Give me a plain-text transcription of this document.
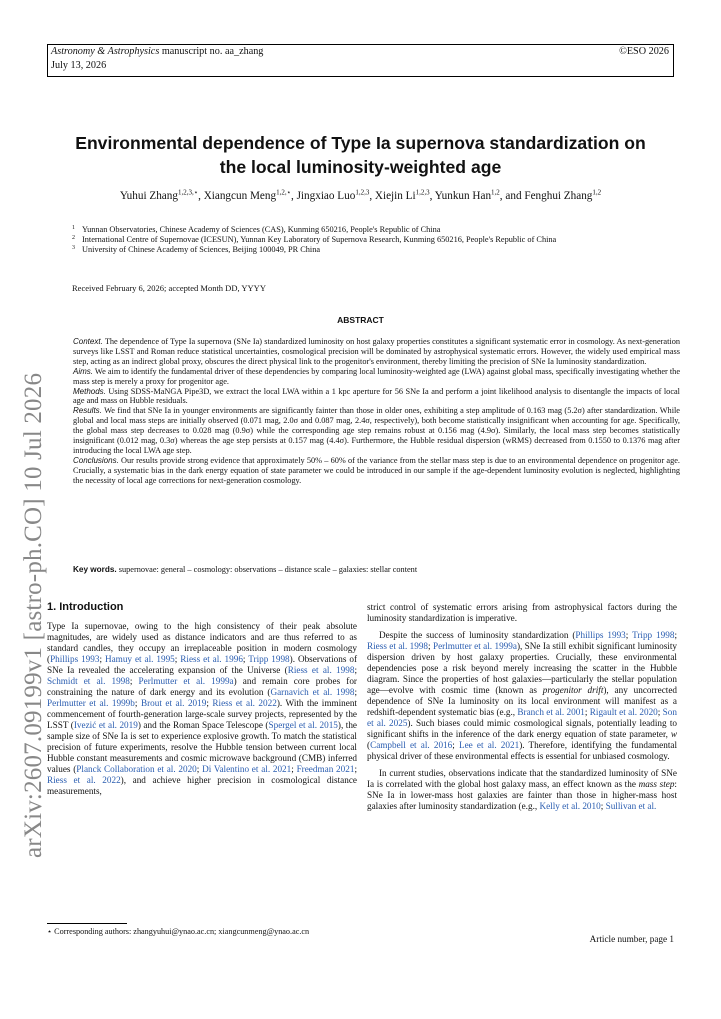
Astronomy & Astrophysics manuscript no. aa_zhang
July 13, 2026
©ESO 2026
Environmental dependence of Type Ia supernova standardization on
the local luminosity-weighted age
Yuhui Zhang$^{1,2,3,⋆}$, Xiangcun Meng$^{1,2,⋆}$, Jingxiao Luo$^{1,2,3}$, Xiejin Li$^{1,2,3}$, Yunkun Han$^{1,2}$, and Fenghui Zhang$^{1,2}$
1 Yunnan Observatories, Chinese Academy of Sciences (CAS), Kunming 650216, People's Republic of China
2 International Centre of Supernovae (ICESUN), Yunnan Key Laboratory of Supernova Research, Kunming 650216, People's Republic of China
3 University of Chinese Academy of Sciences, Beijing 100049, PR China
Received February 6, 2026; accepted Month DD, YYYY
ABSTRACT

Context. The dependence of Type Ia supernova (SNe Ia) standardized luminosity on host galaxy properties constitutes a significant systematic error in cosmology. As next-generation surveys like LSST and Roman reduce statistical uncertainties, cosmological precision will be dominated by astrophysical systematic errors. However, the widely used empirical mass step, acting as an indirect global proxy, obscures the direct physical link to the progenitor's environment, thereby limiting the precision of SNe Ia luminosity standardization.

Aims. We aim to identify the fundamental driver of these dependencies by comparing local luminosity-weighted age (LWA) against global mass, specifically investigating whether the mass step is merely a proxy for progenitor age.

Methods. Using SDSS-MaNGA Pipe3D, we extract the local LWA within a 1 kpc aperture for 56 SNe Ia and perform a joint likelihood analysis to disentangle the impacts of local age and mass on Hubble residuals.

Results. We find that SNe Ia in younger environments are significantly fainter than those in older ones, exhibiting a step amplitude of 0.163 mag (5.2σ) after standardization. While global and local mass steps are initially observed (0.071 mag, 2.0σ and 0.087 mag, 2.4σ, respectively), both become statistically insignificant when accounting for age. Specifically, the global mass step decreases to 0.028 mag (0.9σ) while the corresponding age step remains robust at 0.156 mag (4.9σ). Similarly, the local mass step becomes statistically insignificant (0.012 mag, 0.3σ) whereas the age step persists at 0.157 mag (4.4σ). Furthermore, the Hubble residual dispersion (wRMS) decreased from 0.1550 to 0.1376 mag after introducing the local LWA age step.

Conclusions. Our results provide strong evidence that approximately 50% – 60% of the variance from the stellar mass step is due to an environmental dependence on progenitor age. Crucially, a systematic bias in the dark energy equation of state parameter we could be introduced in our sample if the age-dependent luminosity evolution is neglected, highlighting the necessity of local age corrections for next-generation cosmology.

Key words. supernovae: general – cosmology: observations – distance scale – galaxies: stellar content
arXiv:2607.09199v1 [astro-ph.CO] 10 Jul 2026 1. Introduction

Type Ia supernovae, owing to the high consistency of their peak absolute magnitudes, are widely used as distance indicators and are thus referred to as standard candles, they occupy an irreplaceable position in modern cosmology (Phillips 1993; Hamuy et al. 1995; Riess et al. 1996; Tripp 1998). Observations of SNe Ia revealed the accelerating expansion of the Universe (Riess et al. 1998; Schmidt et al. 1998; Perlmutter et al. 1999a) and remain core probes for constraining the nature of dark energy and its evolution (Garnavich et al. 1998; Perlmutter et al. 1999b; Brout et al. 2019; Riess et al. 2022). With the imminent commencement of fourth-generation large-scale survey projects, represented by the LSST (Ivezić et al. 2019) and the Roman Space Telescope (Spergel et al. 2015), the sample size of SNe Ia is set to experience explosive growth. To match the statistical precision of future experiments, resolve the Hubble tension between current local Hubble constant measurements and cosmic microwave background (CMB) inferred values (Planck Collaboration et al. 2020; Di Valentino et al. 2021; Freedman 2021; Riess et al. 2022), and achieve higher precision in cosmological distance measurements,

strict control of systematic errors arising from astrophysical factors during the luminosity standardization is imperative.

Despite the success of luminosity standardization (Phillips 1993; Tripp 1998; Riess et al. 1998; Perlmutter et al. 1999a), SNe Ia still exhibit significant luminosity dispersion driven by host galaxy properties. Crucially, these environmental dependencies pose a risk beyond merely increasing the scatter in the Hubble diagram. Since the properties of host galaxies—particularly the stellar population age—evolve with cosmic time (known as progenitor drift), any uncorrected dependence of SNe Ia luminosity on its local environment will manifest as a redshift-dependent systematic bias (e.g., Branch et al. 2001; Rigault et al. 2020; Son et al. 2025). Such biases could mimic cosmological signals, potentially leading to significant shifts in the inference of the dark energy equation of state parameter, w (Campbell et al. 2016; Lee et al. 2021). Therefore, identifying the fundamental physical driver of these environmental effects is essential for unbiased cosmology.

In current studies, observations indicate that the standardized luminosity of SNe Ia is correlated with the global host galaxy mass, an effect known as the mass step: SNe Ia in lower-mass host galaxies are fainter than those in higher-mass host galaxies after luminosity standardization (e.g., Kelly et al. 2010; Sullivan et al.

⋆ Corresponding authors: zhangyuhui@ynao.ac.cn; xiangcunmeng@ynao.ac.cn
Article number, page 1
